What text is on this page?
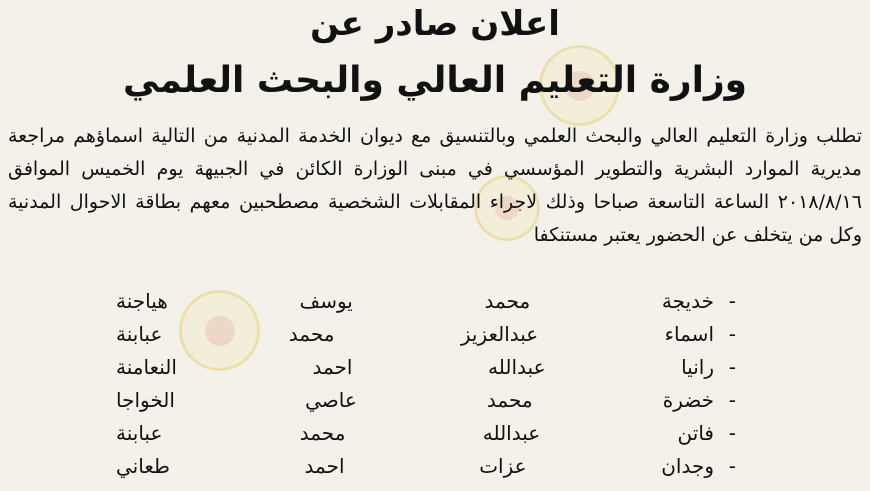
اعلان صادر عن
وزارة التعليم العالي والبحث العلمي
تطلب وزارة التعليم العالي والبحث العلمي وبالتنسيق مع ديوان الخدمة المدنية من التالية اسماؤهم مراجعة مديرية الموارد البشرية والتطوير المؤسسي في مبنى الوزارة الكائن في الجبيهة يوم الخميس الموافق ٢٠١٨/٨/١٦ الساعة التاسعة صباحا وذلك لاجراء المقابلات الشخصية مصطحبين معهم بطاقة الاحوال المدنية وكل من يتخلف عن الحضور يعتبر مستنكفا
-
خديجة محمد يوسف هياجنة
-
اسماء عبدالعزيز محمد عبابنة
-
رانيا عبدالله احمد النعامنة
-
خضرة محمد عاصي الخواجا
-
فاتن عبدالله محمد عبابنة
-
وجدان عزات احمد طعاني
